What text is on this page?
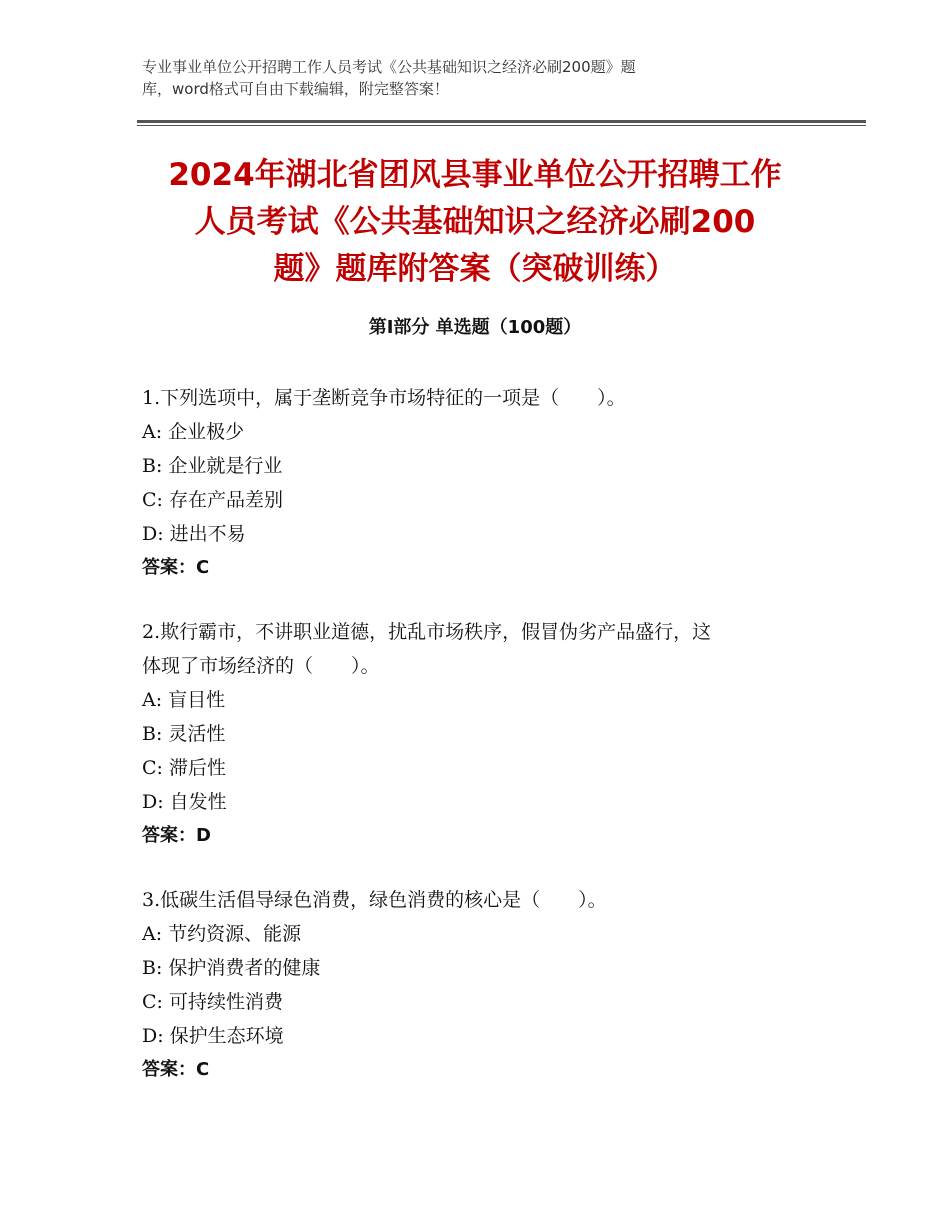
专业事业单位公开招聘工作人员考试《公共基础知识之经济必刷200题》题
库，word格式可自由下载编辑，附完整答案！
2024年湖北省团风县事业单位公开招聘工作
人员考试《公共基础知识之经济必刷200
题》题库附答案（突破训练）
第Ⅰ部分 单选题（100题）
1.下列选项中，属于垄断竞争市场特征的一项是（　　）。
A: 企业极少
B: 企业就是行业
C: 存在产品差别
D: 进出不易
答案：C
2.欺行霸市，不讲职业道德，扰乱市场秩序，假冒伪劣产品盛行，这
体现了市场经济的（　　）。
A: 盲目性
B: 灵活性
C: 滞后性
D: 自发性
答案：D
3.低碳生活倡导绿色消费，绿色消费的核心是（　　）。
A: 节约资源、能源
B: 保护消费者的健康
C: 可持续性消费
D: 保护生态环境
答案：C
